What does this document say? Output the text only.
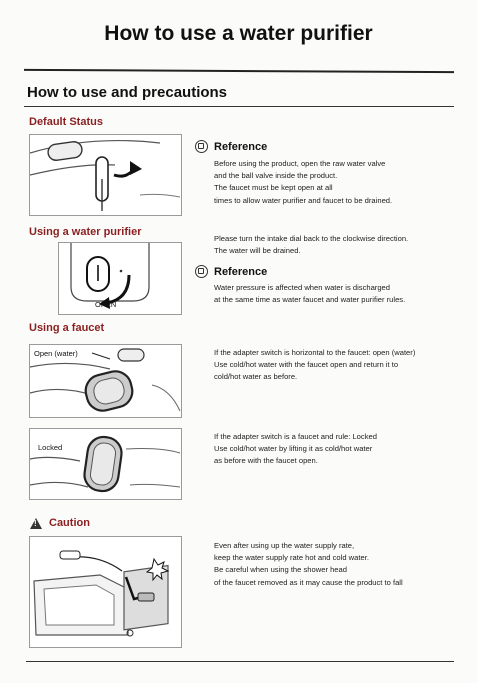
How to use a water purifier
How to use and precautions
Default Status
Reference
Before using the product, open the raw water valve
and the ball valve inside the product.
The faucet must be kept open at all
times to allow water purifier and faucet to be drained.
Using a water purifier
OPEN
Please turn the intake dial back to the clockwise direction.
The water will be drained.
Reference
Water pressure is affected when water is discharged
at the same time as water faucet and water purifier rules.
Using a faucet
Open (water)	If the adapter switch is horizontal to the faucet: open (water)
Use cold/hot water with the faucet open and return it to
cold/hot water as before.
Locked
If the adapter switch is a faucet and rule: Locked
Use cold/hot water by lifting it as cold/hot water
as before with the faucet open.
!
Caution
Even after using up the water supply rate,
keep the water supply rate hot and cold water.
Be careful when using the shower head
of the faucet removed as it may cause the product to fall
